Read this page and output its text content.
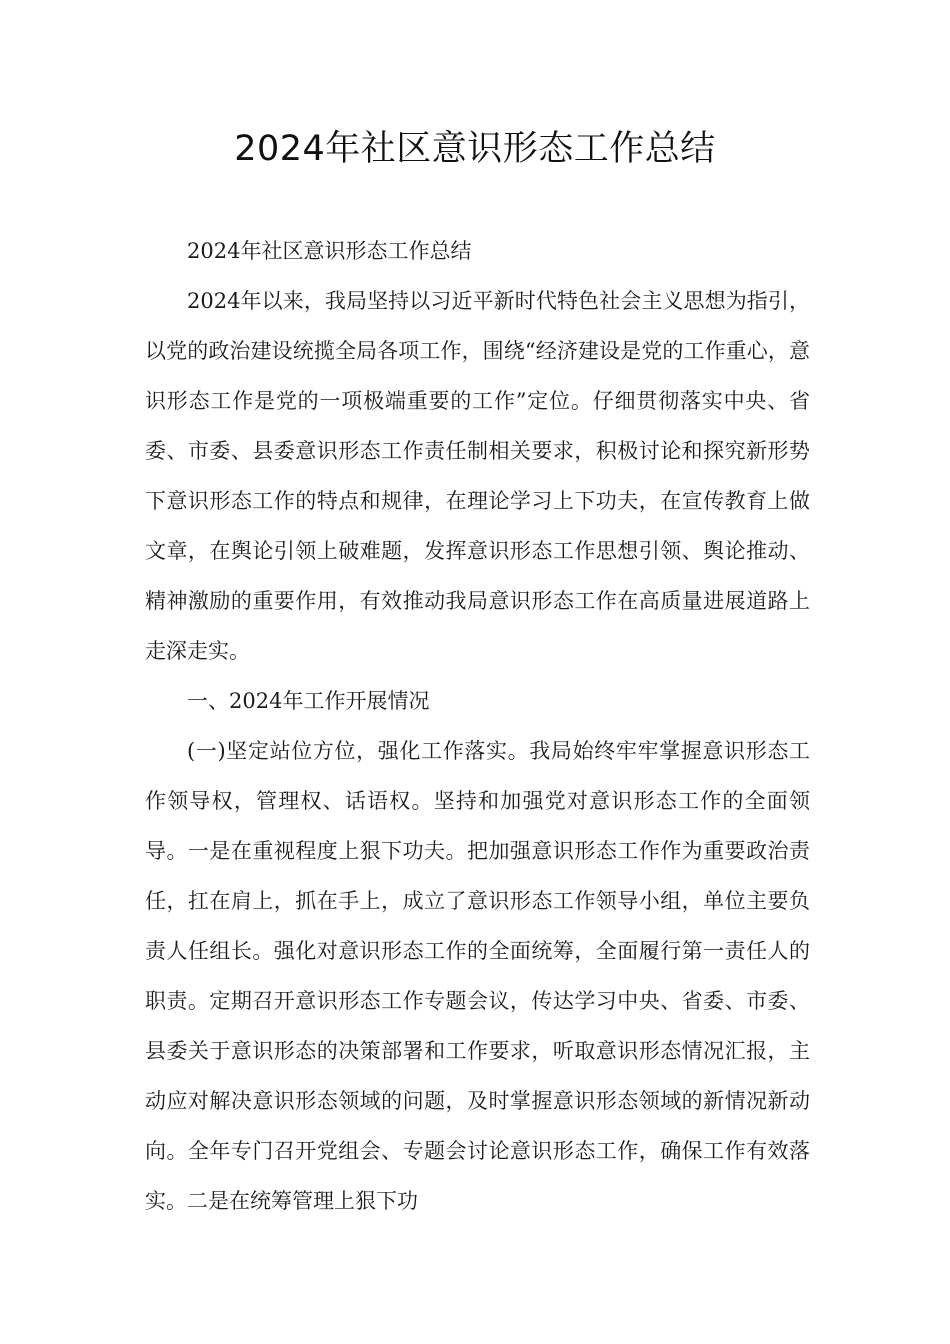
2024年社区意识形态工作总结

2024年社区意识形态工作总结

2024年以来，我局坚持以习近平新时代特色社会主义思想为指引，以党的政治建设统揽全局各项工作，围绕“经济建设是党的工作重心，意识形态工作是党的一项极端重要的工作”定位。仔细贯彻落实中央、省委、市委、县委意识形态工作责任制相关要求，积极讨论和探究新形势下意识形态工作的特点和规律，在理论学习上下功夫，在宣传教育上做文章，在舆论引领上破难题，发挥意识形态工作思想引领、舆论推动、精神激励的重要作用，有效推动我局意识形态工作在高质量进展道路上走深走实。

一、2024年工作开展情况

(一)坚定站位方位，强化工作落实。我局始终牢牢掌握意识形态工作领导权，管理权、话语权。坚持和加强党对意识形态工作的全面领导。一是在重视程度上狠下功夫。把加强意识形态工作作为重要政治责任，扛在肩上，抓在手上，成立了意识形态工作领导小组，单位主要负责人任组长。强化对意识形态工作的全面统筹，全面履行第一责任人的职责。定期召开意识形态工作专题会议，传达学习中央、省委、市委、县委关于意识形态的决策部署和工作要求，听取意识形态情况汇报，主动应对解决意识形态领域的问题，及时掌握意识形态领域的新情况新动向。全年专门召开党组会、专题会讨论意识形态工作，确保工作有效落实。二是在统筹管理上狠下功
